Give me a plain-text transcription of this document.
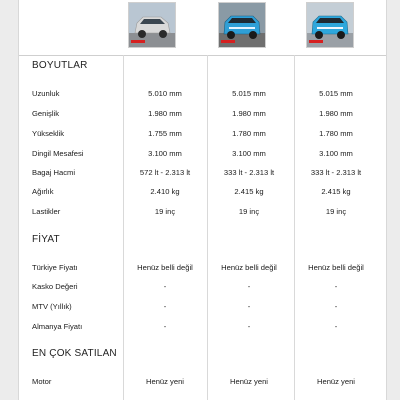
BOYUTLAR
Uzunluk	5.010 mm	5.015 mm	5.015 mm
Genişlik	1.980 mm	1.980 mm	1.980 mm
Yükseklik	1.755 mm	1.780 mm	1.780 mm
Dingil Mesafesi	3.100 mm	3.100 mm	3.100 mm
Bagaj Hacmi	572 lt - 2.313 lt	333 lt - 2.313 lt	333 lt - 2.313 lt
Ağırlık	2.410 kg	2.415 kg	2.415 kg
Lastikler	19 inç	19 inç	19 inç
FİYAT
Türkiye Fiyatı	Henüz belli değil	Henüz belli değil	Henüz belli değil
Kasko Değeri	-	-	-
MTV (Yıllık)	-	-	-
Almanya Fiyatı	-	-	-
EN ÇOK SATILAN
Motor	Henüz yeni	Henüz yeni	Henüz yeni
